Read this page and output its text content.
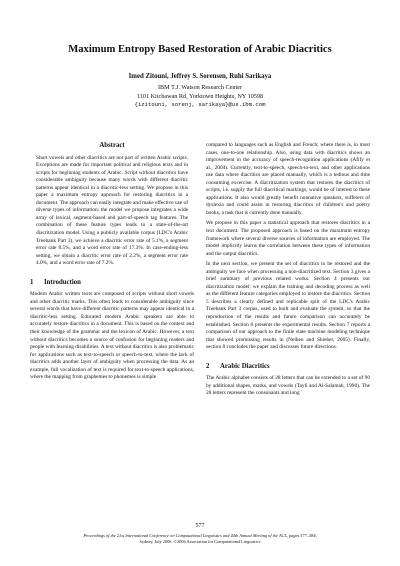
Maximum Entropy Based Restoration of Arabic Diacritics
Imed Zitouni, Jeffrey S. Sorensen, Ruhi Sarikaya
IBM T.J. Watson Research Center
1101 Kitchawan Rd, Yorktown Heights, NY 10598
{izitouni, sorenj, sarikaya}@us.ibm.com
Abstract

Short vowels and other diacritics are not part of written Arabic scripts. Exceptions are made for important political and religious texts and in scripts for beginning students of Arabic. Script without diacritics have considerable ambiguity because many words with different diacritic patterns appear identical in a diacritic-less setting. We propose in this paper a maximum entropy approach for restoring diacritics in a document. The approach can easily integrate and make effective use of diverse types of information; the model we propose integrates a wide array of lexical, segment-based and part-of-speech tag features. The combination of these feature types leads to a state-of-the-art diacritization model. Using a publicly available corpus (LDC's Arabic Treebank Part 3), we achieve a diacritic error rate of 5.1%, a segment error rate 8.5%, and a word error rate of 17.3%. In case-ending-less setting, we obtain a diacritic error rate of 2.2%, a segment error rate 4.0%, and a word error rate of 7.2%.

1 Introduction

Modern Arabic written texts are composed of scripts without short vowels and other diacritic marks. This often leads to considerable ambiguity since several words that have different diacritic patterns may appear identical in a diacritic-less setting. Educated modern Arabic speakers are able to accurately restore diacritics in a document. This is based on the context and their knowledge of the grammar and the lexicon of Arabic. However, a text without diacritics becomes a source of confusion for beginning readers and people with learning disabilities. A text without diacritics is also problematic for applications such as text-to-speech or speech-to-text, where the lack of diacritics adds another layer of ambiguity when processing the data. As an example, full vocalization of text is required for text-to-speech applications, where the mapping from graphemes to phonemes is simple

compared to languages such as English and French; where there is, in most cases, one-to-one relationship. Also, using data with diacritics shows an improvement in the accuracy of speech-recognition applications (Afify et al., 2004). Currently, text-to-speech, speech-to-text, and other applications use data where diacritics are placed manually, which is a tedious and time consuming excercise. A diacritization system that restores the diacritics of scripts, i.e. supply the full diacritical markings, would be of interest to these applications. It also would greatly benefit nonnative speakers, sufferers of dyslexia and could assist in restoring diacritics of children's and poetry books, a task that is currently done manually.

We propose in this paper a statistical approach that restores diacritics in a text document. The proposed approach is based on the maximum entropy framework where several diverse sources of information are employed. The model implicitly learns the correlation between these types of information and the output diacritics.

In the next section, we present the set of diacritics to be restored and the ambiguity we face when processing a non-diacritized text. Section 3 gives a brief summary of previous related works. Section 4 presents our diacritization model; we explain the training and decoding process as well as the different feature categories employed to restore the diacritics. Section 5 describes a clearly defined and replicable split of the LDC's Arabic Treebank Part 3 corpus, used to built and evaluate the system, so that the reproduction of the results and future comparison can accurately be established. Section 6 presents the experimental results. Section 7 reports a comparison of our approach to the finite state machine modeling technique that showed promissing results in (Nelken and Shieber, 2005). Finally, section 8 concludes the paper and discusses future directions.

2 Arabic Diacritics

The Arabic alphabet consists of 28 letters that can be extended to a set of 90 by additional shapes, marks, and vowels (Tayli and Al-Salamah, 1990). The 28 letters represent the consonants and long

577
Proceedings of the 21st International Conference on Computational Linguistics and 44th Annual Meeting of the ACL, pages 577–584,
Sydney, July 2006. ©2006 Association for Computational Linguistics
